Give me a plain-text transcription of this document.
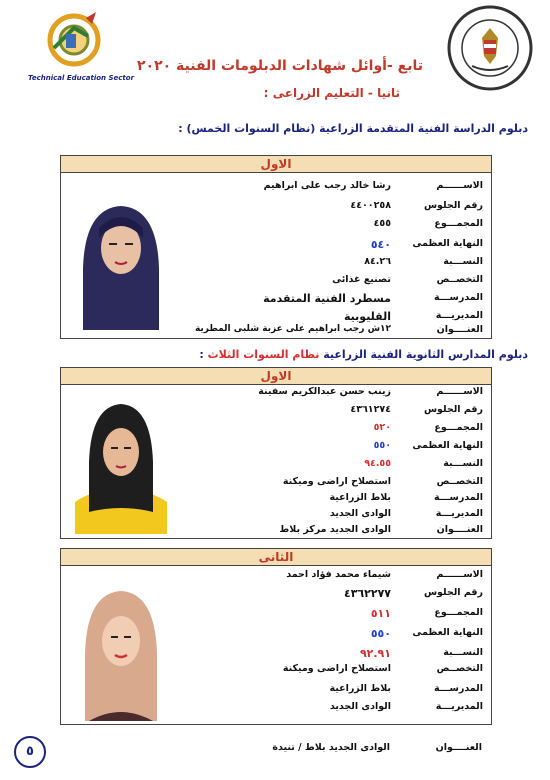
Technical Education Sector
تابع -أوائل شهادات الدبلومات الفنية ٢٠٢٠
ثانيا - التعليم الزراعى :
دبلوم الدراسة الفنية المتقدمة الزراعية (نظام السنوات الخمس) :
الاول
الاســــــم
رشا خالد رجب على ابراهيم
رقم الجلوس
٤٤٠٠٢٥٨
المجمـــوع
٤٥٥
النهاية العظمى
٥٤٠
النســـبة
٨٤.٢٦
التخصــص
تصنيع غذائى
المدرســـة
مسطرد الفنية المتقدمة
المديريـــة
القليوبية
العنــــوان
١٢ش رجب ابراهيم على عزبة شلبى المطرية
دبلوم المدارس الثانوية الفنية الزراعية نظام السنوات الثلاث :
الاول
الاســــــم
زينب حسن عبدالكريم سفينة
رقم الجلوس
٤٣٦١٢٧٤
المجمـــوع
٥٢٠
النهاية العظمى
٥٥٠
النســـبة
٩٤.٥٥
التخصــص
استصلاح اراضى وميكنة
المدرســـة
بلاط الزراعية
المديريـــة
الوادى الجديد
العنــــوان
الوادى الجديد مركز بلاط
الثانى
الاســــــم
شيماء محمد فؤاد احمد
رقم الجلوس
٤٣٦٢٢٧٧
المجمـــوع
٥١١
النهاية العظمى
٥٥٠
النســـبة
٩٢.٩١
التخصــص
استصلاح اراضى وميكنة
المدرســـة
بلاط الزراعية
المديريـــة
الوادى الجديد
العنــــوان
الوادى الجديد بلاط / تنيدة
٥
